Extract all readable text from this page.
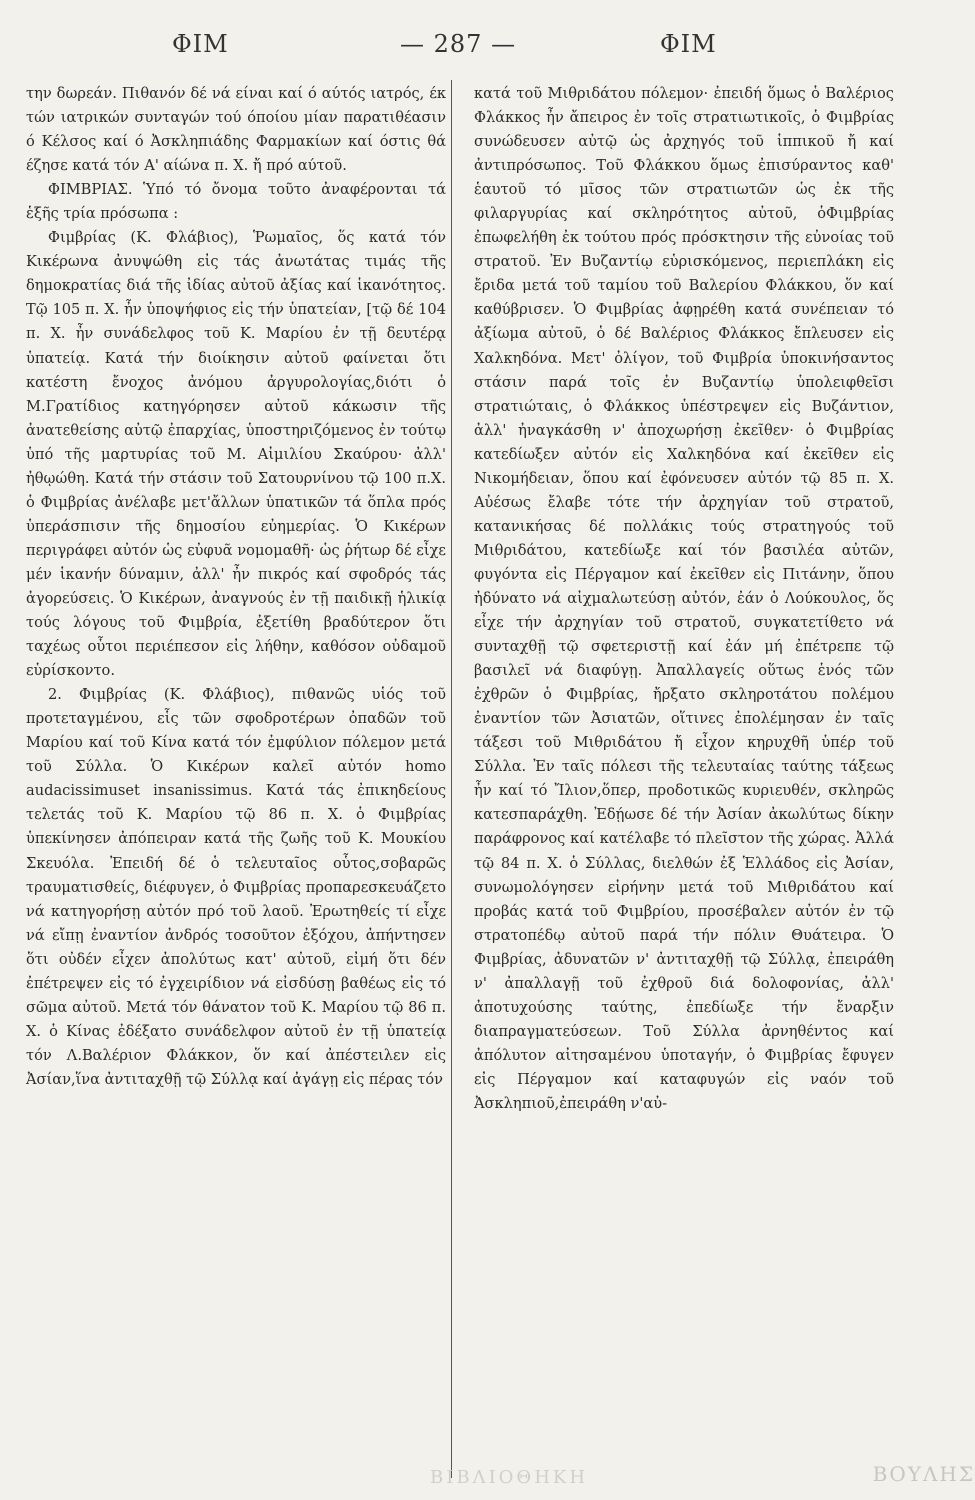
ΦΙΜ	— 287 —	ΦΙΜ

την δωρεάν. Πιθανόν δέ νά είναι καί ό αύτός ιατρός, έκ τών ιατρικών συνταγών τού όποίου μίαν παρατιθέασιν ό Κέλσος καί ό Ἀσκληπιάδης Φαρμακίων καί όστις θά έζησε κατά τόν Α' αίώνα π. Χ. ἤ πρό αύτοῦ.

ΦΙΜΒΡΙΑΣ. Ὑπό τό ὄνομα τοῦτο ἀναφέρονται τά ἑξῆς τρία πρόσωπα :

Φιμβρίας (Κ. Φλάβιος), Ῥωμαῖος, ὅς κατά τόν Κικέρωνα ἀνυψώθη εἰς τάς ἀνωτάτας τιμάς τῆς δημοκρατίας διά τῆς ἰδίας αὐτοῦ ἀξίας καί ἱκανότητος. Τῷ 105 π. Χ. ἦν ὑποψήφιος εἰς τήν ὑπατείαν, [τῷ δέ 104 π. Χ. ἦν συνάδελφος τοῦ Κ. Μαρίου ἐν τῇ δευτέρᾳ ὑπατείᾳ. Κατά τήν διοίκησιν αὐτοῦ φαίνεται ὅτι κατέστη ἔνοχος ἀνόμου ἀργυρολογίας,διότι ὁ Μ.Γρατίδιος κατηγόρησεν αὐτοῦ κάκωσιν τῆς ἀνατεθείσης αὐτῷ ἐπαρχίας, ὑποστηριζόμενος ἐν τούτῳ ὑπό τῆς μαρτυρίας τοῦ Μ. Αἰμιλίου Σκαύρου· ἀλλ' ἠθῳώθη. Κατά τήν στάσιν τοῦ Σατουρνίνου τῷ 100 π.Χ. ὁ Φιμβρίας ἀνέλαβε μετ'ἄλλων ὑπατικῶν τά ὅπλα πρός ὑπεράσπισιν τῆς δημοσίου εὐημερίας. Ὁ Κικέρων περιγράφει αὐτόν ὡς εὐφυᾶ νομομαθῆ· ὡς ῥήτωρ δέ εἶχε μέν ἱκανήν δύναμιν, ἀλλ' ἦν πικρός καί σφοδρός τάς ἀγορεύσεις. Ὁ Κικέρων, ἀναγνούς ἐν τῇ παιδικῇ ἡλικίᾳ τούς λόγους τοῦ Φιμβρία, ἐξετίθη βραδύτερον ὅτι ταχέως οὗτοι περιέπεσον εἰς λήθην, καθόσον οὐδαμοῦ εὑρίσκοντο.

2. Φιμβρίας (Κ. Φλάβιος), πιθανῶς υἱός τοῦ προτεταγμένου, εἷς τῶν σφοδροτέρων ὀπαδῶν τοῦ Μαρίου καί τοῦ Κίνα κατά τόν ἐμφύλιον πόλεμον μετά τοῦ Σύλλα. Ὁ Κικέρων καλεῖ αὐτόν homo audacissimuset insanissimus. Κατά τάς ἐπικηδείους τελετάς τοῦ Κ. Μαρίου τῷ 86 π. Χ. ὁ Φιμβρίας ὑπεκίνησεν ἀπόπειραν κατά τῆς ζωῆς τοῦ Κ. Μουκίου Σκευόλα. Ἐπειδή δέ ὁ τελευταῖος οὗτος,σοβαρῶς τραυματισθείς, διέφυγεν, ὁ Φιμβρίας προπαρεσκευάζετο νά κατηγορήσῃ αὐτόν πρό τοῦ λαοῦ. Ἐρωτηθείς τί εἶχε νά εἴπῃ ἐναντίον ἀνδρός τοσοῦτον ἐξόχου, ἀπήντησεν ὅτι οὐδέν εἶχεν ἀπολύτως κατ' αὐτοῦ, εἰμή ὅτι δέν ἐπέτρεψεν εἰς τό ἐγχειρίδιον νά εἰσδύσῃ βαθέως εἰς τό σῶμα αὐτοῦ. Μετά τόν θάνατον τοῦ Κ. Μαρίου τῷ 86 π. Χ. ὁ Κίνας ἐδέξατο συνάδελφον αὐτοῦ ἐν τῇ ὑπατείᾳ τόν Λ.Βαλέριον Φλάκκον, ὅν καί ἀπέστειλεν εἰς Ἀσίαν,ἵνα ἀντιταχθῇ τῷ Σύλλᾳ καί ἀγάγῃ εἰς πέρας τόν

κατά τοῦ Μιθριδάτου πόλεμον· ἐπειδή ὅμως ὁ Βαλέριος Φλάκκος ἦν ἄπειρος ἐν τοῖς στρατιωτικοῖς, ὁ Φιμβρίας συνώδευσεν αὐτῷ ὡς ἀρχηγός τοῦ ἱππικοῦ ἤ καί ἀντιπρόσωπος. Τοῦ Φλάκκου ὅμως ἐπισύραντος καθ' ἑαυτοῦ τό μῖσος τῶν στρατιωτῶν ὡς ἐκ τῆς φιλαργυρίας καί σκληρότητος αὐτοῦ, ὁΦιμβρίας ἐπωφελήθη ἐκ τούτου πρός πρόσκτησιν τῆς εὐνοίας τοῦ στρατοῦ. Ἐν Βυζαντίῳ εὑρισκόμενος, περιεπλάκη εἰς ἔριδα μετά τοῦ ταμίου τοῦ Βαλερίου Φλάκκου, ὅν καί καθύβρισεν. Ὁ Φιμβρίας ἀφῃρέθη κατά συνέπειαν τό ἀξίωμα αὐτοῦ, ὁ δέ Βαλέριος Φλάκκος ἔπλευσεν εἰς Χαλκηδόνα. Μετ' ὀλίγον, τοῦ Φιμβρία ὑποκινήσαντος στάσιν παρά τοῖς ἐν Βυζαντίῳ ὑπολειφθεῖσι στρατιώταις, ὁ Φλάκκος ὑπέστρεψεν εἰς Βυζάντιον, ἀλλ' ἠναγκάσθη ν' ἀποχωρήσῃ ἐκεῖθεν· ὁ Φιμβρίας κατεδίωξεν αὐτόν εἰς Χαλκηδόνα καί ἐκεῖθεν εἰς Νικομήδειαν, ὅπου καί ἐφόνευσεν αὐτόν τῷ 85 π. Χ. Αὐέσως ἔλαβε τότε τήν ἀρχηγίαν τοῦ στρατοῦ, κατανικήσας δέ πολλάκις τούς στρατηγούς τοῦ Μιθριδάτου, κατεδίωξε καί τόν βασιλέα αὐτῶν, φυγόντα εἰς Πέργαμον καί ἐκεῖθεν εἰς Πιτάνην, ὅπου ἠδύνατο νά αἰχμαλωτεύσῃ αὐτόν, ἐάν ὁ Λούκουλος, ὅς εἶχε τήν ἀρχηγίαν τοῦ στρατοῦ, συγκατετίθετο νά συνταχθῇ τῷ σφετεριστῇ καί ἐάν μή ἐπέτρεπε τῷ βασιλεῖ νά διαφύγῃ. Ἀπαλλαγείς οὕτως ἑνός τῶν ἐχθρῶν ὁ Φιμβρίας, ἤρξατο σκληροτάτου πολέμου ἐναντίον τῶν Ἀσιατῶν, οἵτινες ἐπολέμησαν ἐν ταῖς τάξεσι τοῦ Μιθριδάτου ἤ εἶχον κηρυχθῆ ὑπέρ τοῦ Σύλλα. Ἐν ταῖς πόλεσι τῆς τελευταίας ταύτης τάξεως ἦν καί τό Ἴλιον,ὅπερ, προδοτικῶς κυριευθέν, σκληρῶς κατεσπαράχθη. Ἐδῄωσε δέ τήν Ἀσίαν ἀκωλύτως δίκην παράφρονος καί κατέλαβε τό πλεῖστον τῆς χώρας. Ἀλλά τῷ 84 π. Χ. ὁ Σύλλας, διελθών ἐξ Ἑλλάδος εἰς Ἀσίαν, συνωμολόγησεν εἰρήνην μετά τοῦ Μιθριδάτου καί προβάς κατά τοῦ Φιμβρίου, προσέβαλεν αὐτόν ἐν τῷ στρατοπέδῳ αὐτοῦ παρά τήν πόλιν Θυάτειρα. Ὁ Φιμβρίας, ἀδυνατῶν ν' ἀντιταχθῇ τῷ Σύλλᾳ, ἐπειράθη ν' ἀπαλλαγῇ τοῦ ἐχθροῦ διά δολοφονίας, ἀλλ' ἀποτυχούσης ταύτης, ἐπεδίωξε τήν ἔναρξιν διαπραγματεύσεων. Τοῦ Σύλλα ἀρνηθέντος καί ἀπόλυτον αἰτησαμένου ὑποταγήν, ὁ Φιμβρίας ἔφυγεν εἰς Πέργαμον καί καταφυγών εἰς ναόν τοῦ Ἀσκληπιοῦ,ἐπειράθη ν'αὐ-

ΒΙΒΛΙΟΘΗΚΗ	ΒΟΥΛΗΣ
